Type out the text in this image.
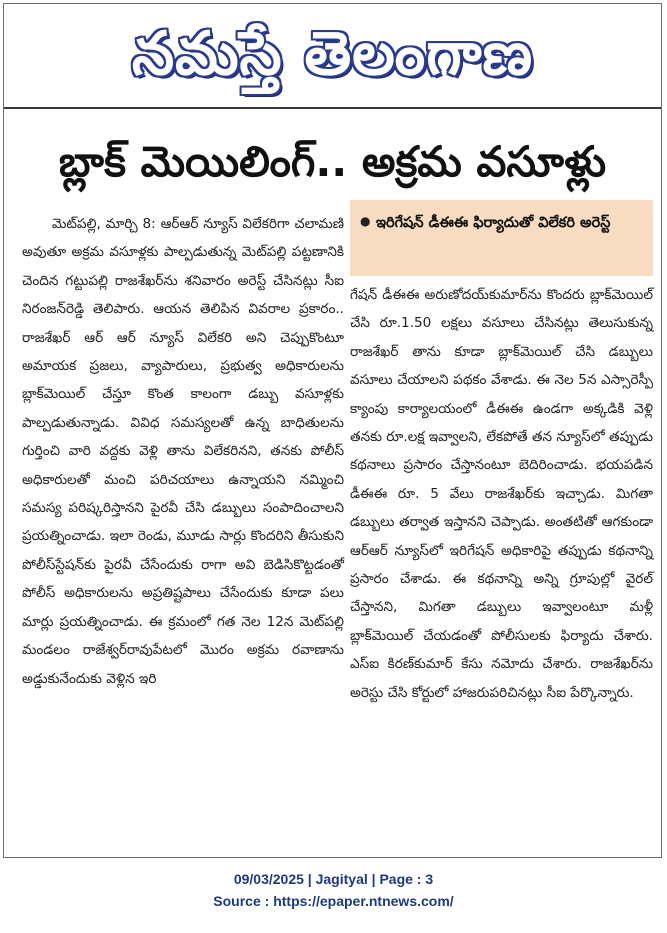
నమస్తే తెలంగాణ
బ్లాక్ మెయిలింగ్.. అక్రమ వసూళ్లు

మెట్‌పల్లి, మార్చి 8: ఆర్‌ఆర్ న్యూస్ విలేకరిగా చలామణి అవుతూ అక్రమ వసూళ్లకు పాల్పడుతున్న మెట్‌పల్లి పట్టణానికి చెందిన గట్టుపల్లి రాజశేఖర్‌ను శనివారం అరెస్ట్ చేసినట్లు సీఐ నిరంజన్‌రెడ్డి తెలిపారు. ఆయన తెలిపిన వివరాల ప్రకారం.. రాజశేఖర్ ఆర్ ఆర్ న్యూస్ విలేకరి అని చెప్పుకొంటూ అమాయక ప్రజలు, వ్యాపారులు, ప్రభుత్వ అధికారులను బ్లాక్‌మెయిల్ చేస్తూ కొంత కాలంగా డబ్బు వసూళ్లకు పాల్పడుతున్నాడు. వివిధ సమస్యలతో ఉన్న బాధితులను గుర్తించి వారి వద్దకు వెళ్లి తాను విలేకరినని, తనకు పోలీస్ అధికారులతో మంచి పరిచయాలు ఉన్నాయని నమ్మించి సమస్య పరిష్కరిస్తానని పైరవీ చేసి డబ్బులు సంపాదించాలని ప్రయత్నించాడు. ఇలా రెండు, మూడు సార్లు కొందరిని తీసుకుని పోలీస్‌స్టేషన్‌కు పైరవీ చేసేందుకు రాగా అవి బెడిసికొట్టడంతో పోలీస్ అధికారులను అప్రతిష్టపాలు చేసేందుకు కూడా పలు మార్లు ప్రయత్నించాడు. ఈ క్రమంలో గత నెల 12న మెట్‌పల్లి మండలం రాజేశ్వర్‌రావుపేటలో మొరం అక్రమ రవాణాను అడ్డుకునేందుకు వెళ్లిన ఇరి

● ఇరిగేషన్ డీఈఈ ఫిర్యాదుతో విలేకరి అరెస్ట్

గేషన్ డీఈఈ అరుణోదయ్‌కుమార్‌ను కొందరు బ్లాక్‌మెయిల్ చేసి రూ.1.50 లక్షలు వసూలు చేసినట్లు తెలుసుకున్న రాజశేఖర్ తాను కూడా బ్లాక్‌మెయిల్ చేసి డబ్బులు వసూలు చేయాలని పథకం వేశాడు. ఈ నెల 5న ఎస్సారెస్పీ క్యాంపు కార్యాలయంలో డీఈఈ ఉండగా అక్కడికి వెళ్లి తనకు రూ.లక్ష ఇవ్వాలని, లేకపోతే తన న్యూస్‌లో తప్పుడు కథనాలు ప్రసారం చేస్తానంటూ బెదిరించాడు. భయపడిన డీఈఈ రూ. 5 వేలు రాజశేఖర్‌కు ఇచ్చాడు. మిగతా డబ్బులు తర్వాత ఇస్తానని చెప్పాడు. అంతటితో ఆగకుండా ఆర్‌ఆర్ న్యూస్‌లో ఇరిగేషన్ అధికారిపై తప్పుడు కథనాన్ని ప్రసారం చేశాడు. ఈ కథనాన్ని అన్ని గ్రూపుల్లో వైరల్ చేస్తానని, మిగతా డబ్బులు ఇవ్వాలంటూ మళ్లీ బ్లాక్‌మెయిల్ చేయడంతో పోలీసులకు ఫిర్యాదు చేశారు. ఎస్ఐ కిరణ్‌కుమార్ కేసు నమోదు చేశారు. రాజశేఖర్‌ను అరెస్టు చేసి కోర్టులో హాజరుపరిచినట్లు సీఐ పేర్కొన్నారు.

09/03/2025 | Jagityal | Page : 3
Source : https://epaper.ntnews.com/
